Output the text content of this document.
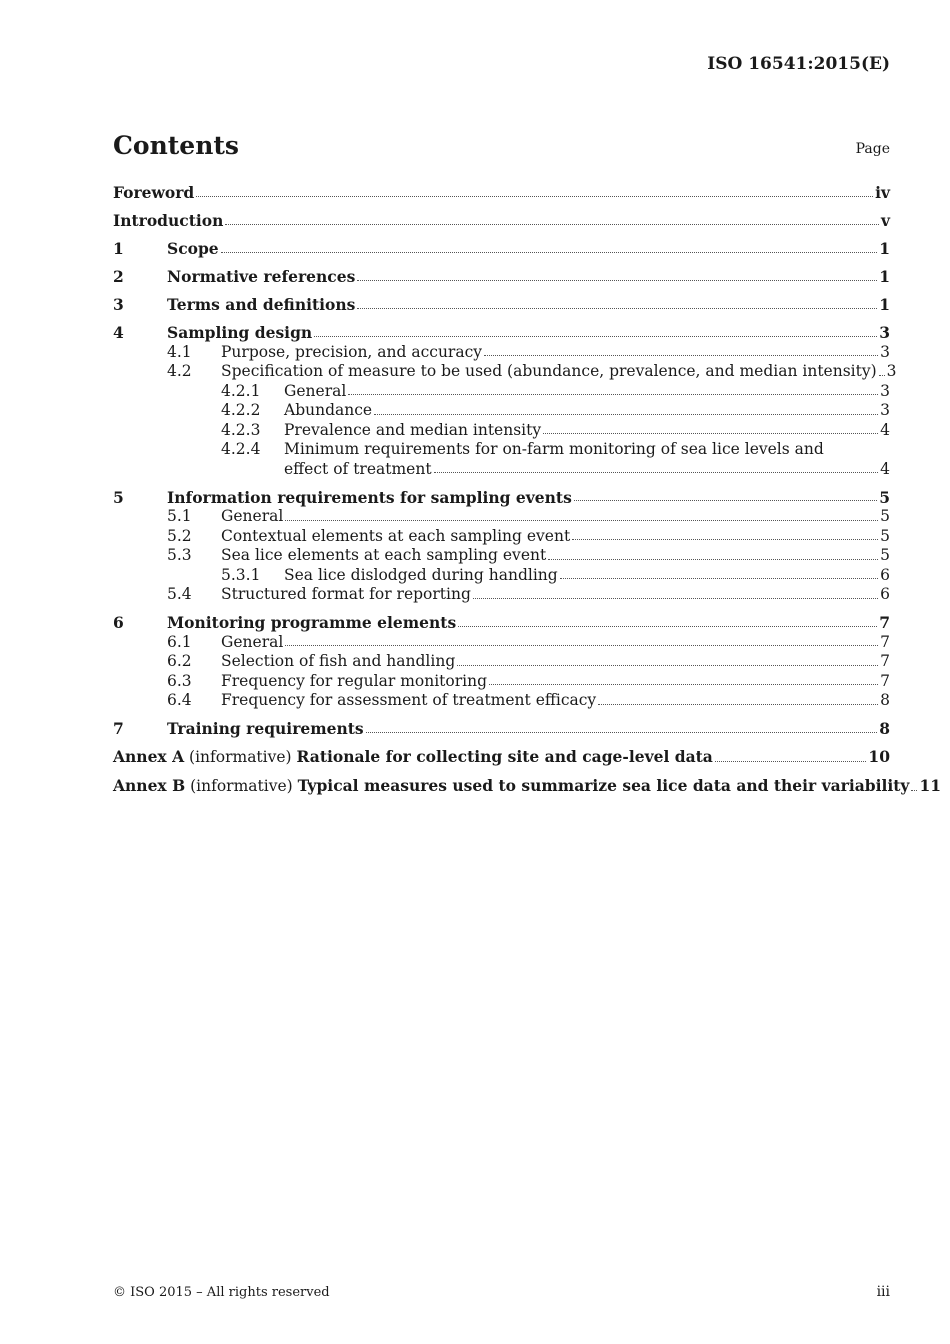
ISO 16541:2015(E)
Contents	Page
Foreword	iv
Introduction	v
1	Scope	1
2	Normative references	1
3	Terms and definitions	1
4	Sampling design	3
4.1	Purpose, precision, and accuracy	3
4.2	Specification of measure to be used (abundance, prevalence, and median intensity) 3
4.2.1	General	3
4.2.2	Abundance	3
4.2.3	Prevalence and median intensity	4
4.2.4	Minimum requirements for on-farm monitoring of sea lice levels and
effect of treatment	4
5	Information requirements for sampling events	5
5.1	General	5
5.2	Contextual elements at each sampling event	5
5.3	Sea lice elements at each sampling event	5
5.3.1	Sea lice dislodged during handling	6
5.4	Structured format for reporting	6
6	Monitoring programme elements	7
6.1	General	7
6.2	Selection of fish and handling	7
6.3	Frequency for regular monitoring	7
6.4	Frequency for assessment of treatment efficacy	8
7	Training requirements	8
Annex A (informative) Rationale for collecting site and cage-level data	10
Annex B (informative) Typical measures used to summarize sea lice data and their variability 11
© ISO 2015 – All rights reserved	iii
